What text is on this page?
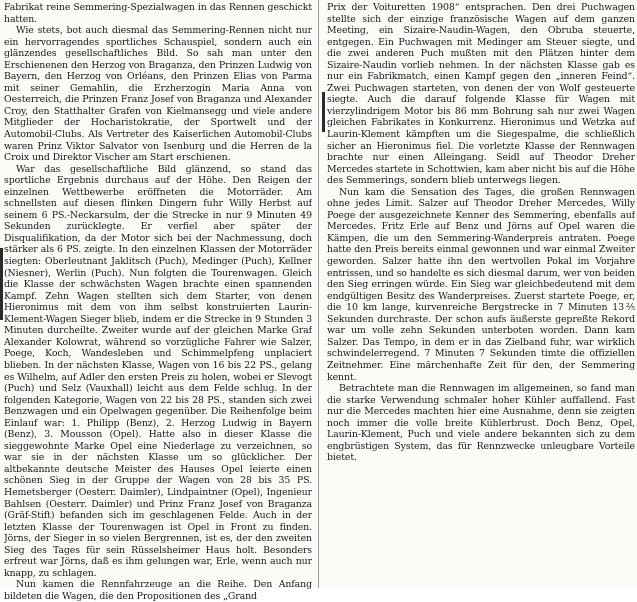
Fabrikat reine Semmering-Spezialwagen in das Rennen geschickt hatten.

Wie stets, bot auch diesmal das Semmering-Rennen nicht nur ein hervorragendes sportliches Schauspiel, sondern auch ein glänzendes gesellschaftliches Bild. So sah man unter den Erschienenen den Herzog von Braganza, den Prinzen Ludwig von Bayern, den Herzog von Orléans, den Prinzen Elias von Parma mit seiner Gemahlin, die Erzherzogin Maria Anna von Oesterreich, die Prinzen Franz Josef von Braganza und Alexander Croy, den Statthalter Grafen von Kielmansegg und viele andere Mitglieder der Hocharistokratie, der Sportwelt und der Automobil-Clubs. Als Vertreter des Kaiserlichen Automobil-Clubs waren Prinz Viktor Salvator von Isenburg und die Herren de la Croix und Direktor Vischer am Start erschienen.

War das gesellschaftliche Bild glänzend, so stand das sportliche Ergebnis durchaus auf der Höhe. Den Reigen der einzelnen Wettbewerbe eröffneten die Motorräder. Am schnellsten auf diesen flinken Dingern fuhr Willy Herbst auf seinem 6 PS.-Neckarsulm, der die Strecke in nur 9 Minuten 49 Sekunden zurücklegte. Er verfiel aber später der Disqualifikation, da der Motor sich bei der Nachmessung, doch stärker als 6 PS. zeigte. In den einzelnen Klassen der Motorräder siegten: Oberleutnant Jaklitsch (Puch), Medinger (Puch), Kellner (Niesner), Werlin (Puch). Nun folgten die Tourenwagen. Gleich die Klasse der schwächsten Wagen brachte einen spannenden Kampf. Zehn Wagen stellten sich dem Starter, von denen Hieronimus mit dem von ihm selbst konstruierten Laurin-Klement-Wagen Sieger blieb, indem er die Strecke in 9 Stunden 3 Minuten durcheilte. Zweiter wurde auf der gleichen Marke Graf Alexander Kolowrat, während so vorzügliche Fahrer wie Salzer, Poege, Koch, Wandesleben und Schimmelpfeng unplaciert blieben. In der nächsten Klasse, Wagen von 16 bis 22 PS., gelang es Wilhelm, auf Adler den ersten Preis zu holen, wobei er Slevogt (Puch) und Selz (Vauxhall) leicht aus dem Felde schlug. In der folgenden Kategorie, Wagen von 22 bis 28 PS., standen sich zwei Benzwagen und ein Opelwagen gegenüber. Die Reihenfolge beim Einlauf war: 1. Philipp (Benz), 2. Herzog Ludwig in Bayern (Benz), 3. Mousson (Opel). Hatte also in dieser Klasse die sieggewohnte Marke Opel eine Niederlage zu verzeichnen, so war sie in der nächsten Klasse um so glücklicher. Der altbekannte deutsche Meister des Hauses Opel leierte einen schönen Sieg in der Gruppe der Wagen von 28 bis 35 PS. Hemetsberger (Oesterr. Daimler), Lindpaintner (Opel), Ingenieur Bahlsen (Oesterr. Daimler) und Prinz Franz Josef von Braganza (Gräf-Stift) befanden sich im geschlagenen Felde. Auch in der letzten Klasse der Tourenwagen ist Opel in Front zu finden. Jörns, der Sieger in so vielen Bergrennen, ist es, der den zweiten Sieg des Tages für sein Rüsselsheimer Haus holt. Besonders erfreut war Jörns, daß es ihm gelungen war, Erle, wenn auch nur knapp, zu schlagen.

Nun kamen die Rennfahrzeuge an die Reihe. Den Anfang bildeten die Wagen, die den Propositionen des „Grand

Prix der Voituretten 1908“ entsprachen. Den drei Puchwagen stellte sich der einzige französische Wagen auf dem ganzen Meeting, ein Sizaire-Naudin-Wagen, den Obruba steuerte, entgegen. Ein Puchwagen mit Medinger am Steuer siegte, und die zwei anderen Puch mußten mit den Plätzen hinter dem Sizaire-Naudin vorlieb nehmen. In der nächsten Klasse gab es nur ein Fabrikmatch, einen Kampf gegen den „inneren Feind“. Zwei Puchwagen starteten, von denen der von Wolf gesteuerte siegte. Auch die darauf folgende Klasse für Wagen mit vierzylindrigem Motor bis 86 mm Bohrung sah nur zwei Wagen gleichen Fabrikates in Konkurrenz. Hieronimus und Wetzka auf Laurin-Klement kämpften um die Siegespalme, die schließlich sicher an Hieronimus fiel. Die vorletzte Klasse der Rennwagen brachte nur einen Alleingang. Seidl auf Theodor Dreher Mercedes startete in Schottwien, kam aber nicht bis auf die Höhe des Semmerings, sondern blieb unterwegs liegen.

Nun kam die Sensation des Tages, die großen Rennwagen ohne jedes Limit. Salzer auf Theodor Dreher Mercedes, Willy Poege der ausgezeichnete Kenner des Semmering, ebenfalls auf Mercedes. Fritz Erle auf Benz und Jörns auf Opel waren die Kämpen, die um den Semmering-Wanderpreis antraten. Poege hatte den Preis bereits einmal gewonnen und war einmal Zweiter geworden. Salzer hatte ihn den wertvollen Pokal im Vorjahre entrissen, und so handelte es sich diesmal darum, wer von beiden den Sieg erringen würde. Ein Sieg war gleichbedeutend mit dem endgültigen Besitz des Wanderpreises. Zuerst startete Poege, er, die 10 km lange, kurvenreiche Bergstrecke in 7 Minuten 13⅖ Sekunden durchraste. Der schon aufs äußerste gepreßte Rekord war um volle zehn Sekunden unterboten worden. Dann kam Salzer. Das Tempo, in dem er in das Zielband fuhr, war wirklich schwindelerregend. 7 Minuten 7 Sekunden timte die offiziellen Zeitnehmer. Eine märchenhafte Zeit für den, der Semmering kennt.

Betrachtete man die Rennwagen im allgemeinen, so fand man die starke Verwendung schmaler hoher Kühler auffallend. Fast nur die Mercedes machten hier eine Ausnahme, denn sie zeigten noch immer die volle breite Kühlerbrust. Doch Benz, Opel, Laurin-Klement, Puch und viele andere bekannten sich zu dem engbrüstigen System, das für Rennzwecke unleugbare Vorteile bietet.
